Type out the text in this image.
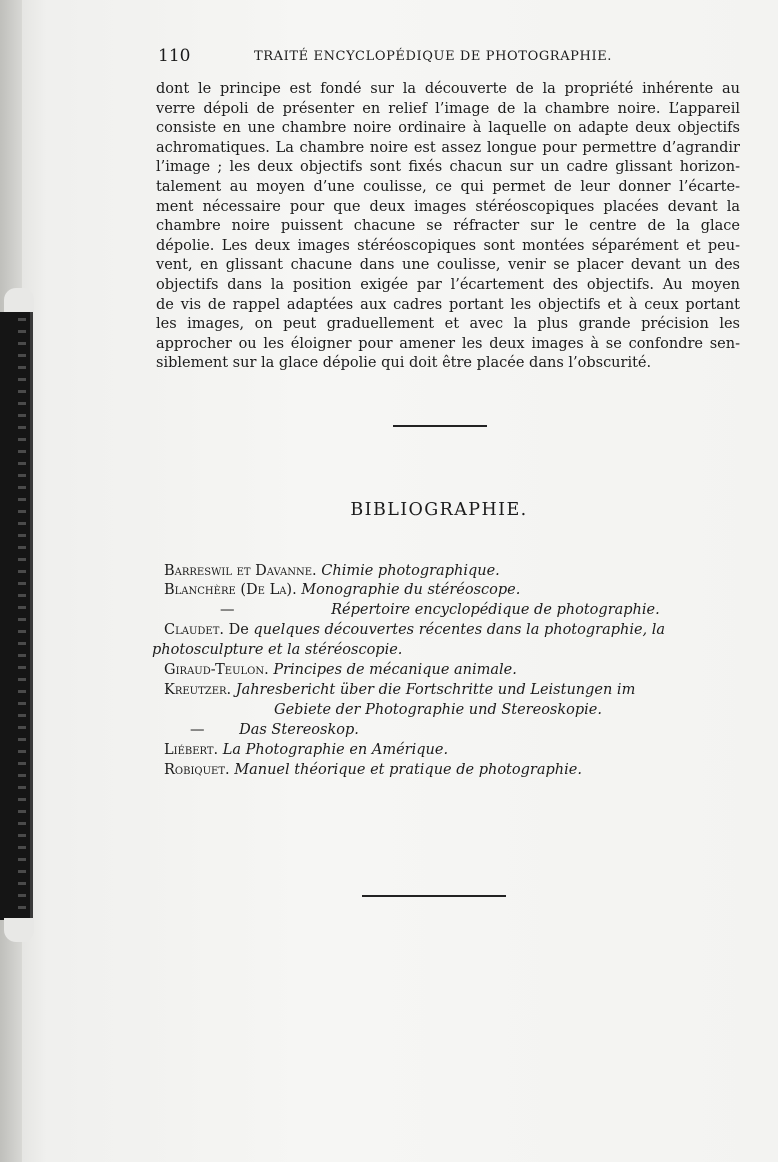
110	TRAITÉ ENCYCLOPÉDIQUE DE PHOTOGRAPHIE.
dont le principe est fondé sur la découverte de la propriété inhérente au
verre dépoli de présenter en relief l’image de la chambre noire. L’appareil
consiste en une chambre noire ordinaire à laquelle on adapte deux objectifs
achromatiques. La chambre noire est assez longue pour permettre d’agrandir
l’image ; les deux objectifs sont fixés chacun sur un cadre glissant horizon-
talement au moyen d’une coulisse, ce qui permet de leur donner l’écarte-
ment nécessaire pour que deux images stéréoscopiques placées devant la
chambre noire puissent chacune se réfracter sur le centre de la glace
dépolie. Les deux images stéréoscopiques sont montées séparément et peu-
vent, en glissant chacune dans une coulisse, venir se placer devant un des
objectifs dans la position exigée par l’écartement des objectifs. Au moyen
de vis de rappel adaptées aux cadres portant les objectifs et à ceux portant
les images, on peut graduellement et avec la plus grande précision les
approcher ou les éloigner pour amener les deux images à se confondre sen-
siblement sur la glace dépolie qui doit être placée dans l’obscurité.
BIBLIOGRAPHIE.
Barreswil et Davanne. Chimie photographique.
Blanchère (De La). Monographie du stéréoscope.
—	Répertoire encyclopédique de photographie.
Claudet. De quelques découvertes récentes dans la photographie, la
photosculpture et la stéréoscopie.
Giraud-Teulon. Principes de mécanique animale.
Kreutzer. Jahresbericht über die Fortschritte und Leistungen im
Gebiete der Photographie und Stereoskopie.
— Das Stereoskop.
Liébert. La Photographie en Amérique.
Robiquet. Manuel théorique et pratique de photographie.
